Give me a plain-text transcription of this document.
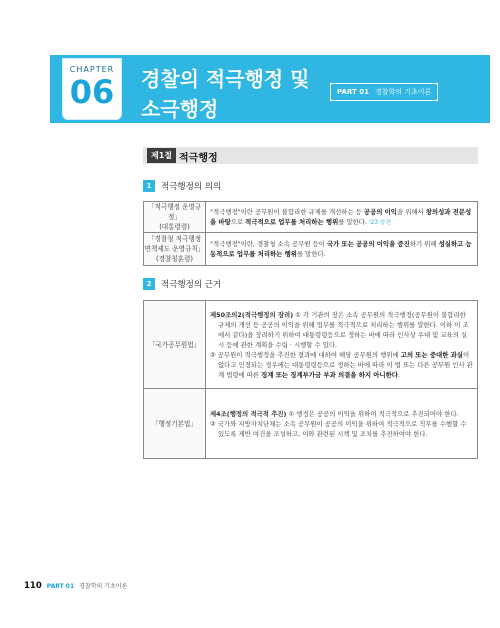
CHAPTER
06	경찰의 적극행정 및
소극행정
PART 01 경찰학의 기초이론
제1절 적극행정
1	적극행정의 의의
「적극행정 운영규정」
(대통령령)	"적극행정"이란 공무원이 불합리한 규제를 개선하는 등 공공의 이익을 위해서 창의성과 전문성을 바탕으로 적극적으로 업무를 처리하는 행위를 말한다. '23 승진

「경찰청 적극행정
면책제도 운영규칙」
(경찰청훈령)	"적극행정"이란, 경찰청 소속 공무원 등이 국가 또는 공공의 이익을 증진하기 위해 성실하고 능동적으로 업무를 처리하는 행위를 말한다.
2	적극행정의 근거
「국가공무원법」	제50조의2(적극행정의 장려) ① 각 기관의 장은 소속 공무원의 적극행정(공무원이 불합리한 규제의 개선 등 공공의 이익을 위해 업무를 적극적으로 처리하는 행위를 말한다. 이하 이 조에서 같다)을 장려하기 위하여 대통령령등으로 정하는 바에 따라 인사상 우대 및 교육의 실시 등에 관한 계획을 수립 · 시행할 수 있다.
② 공무원이 적극행정을 추진한 결과에 대하여 해당 공무원의 행위에 고의 또는 중대한 과실이 없다고 인정되는 경우에는 대통령령등으로 정하는 바에 따라 이 법 또는 다른 공무원 인사 관계 법령에 따른 징계 또는 징계부가금 부과 의결을 하지 아니한다.

「행정기본법」	제4조(행정의 적극적 추진) ① 행정은 공공의 이익을 위하여 적극적으로 추진되어야 한다.
② 국가와 지방자치단체는 소속 공무원이 공공의 이익을 위하여 적극적으로 직무를 수행할 수 있도록 제반 여건을 조성하고, 이와 관련된 시책 및 조치를 추진하여야 한다.
110 PART 01 경찰학의 기초이론
